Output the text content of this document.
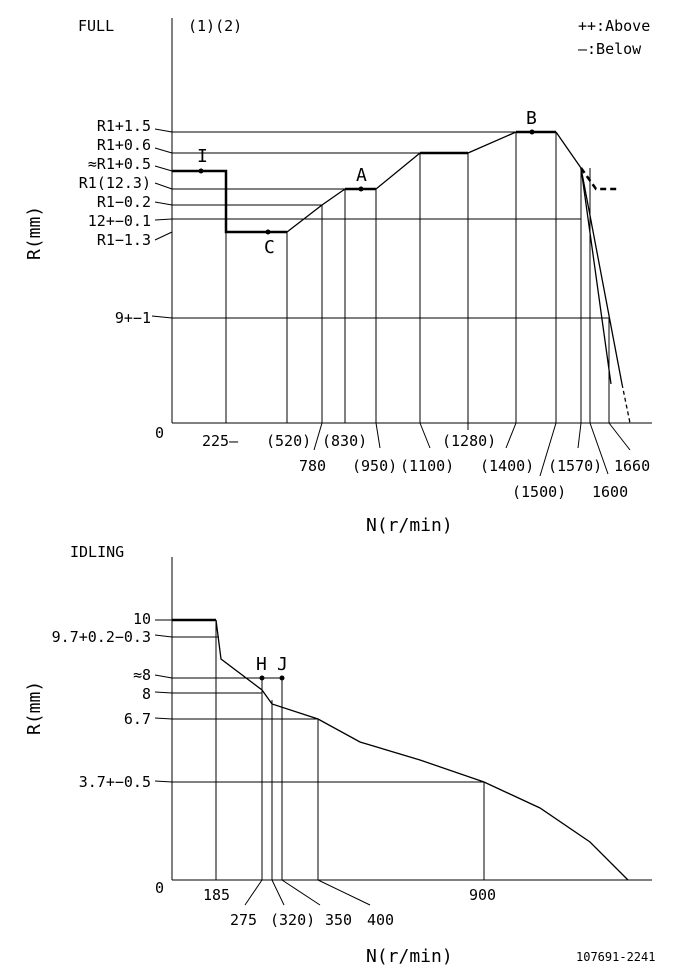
FULL	(1)(2)	++:Above
—:Below
0
R(mm)
N(r/min)
R1+1.5
R1+0.6
≈R1+0.5
R1(12.3)
R1−0.2
12+−0.1
R1−1.3
9+−1
225— (520)
780
(830)
(950) (1100)
(1280)
(1400)
(1500)
(1570)
1600
1660
I
A
B
C
IDLING
0
R(mm)
N(r/min)
10
9.7+0.2−0.3
≈8
8
6.7
3.7+−0.5
185
275 (320) 350 400
900
H J
107691-2241
